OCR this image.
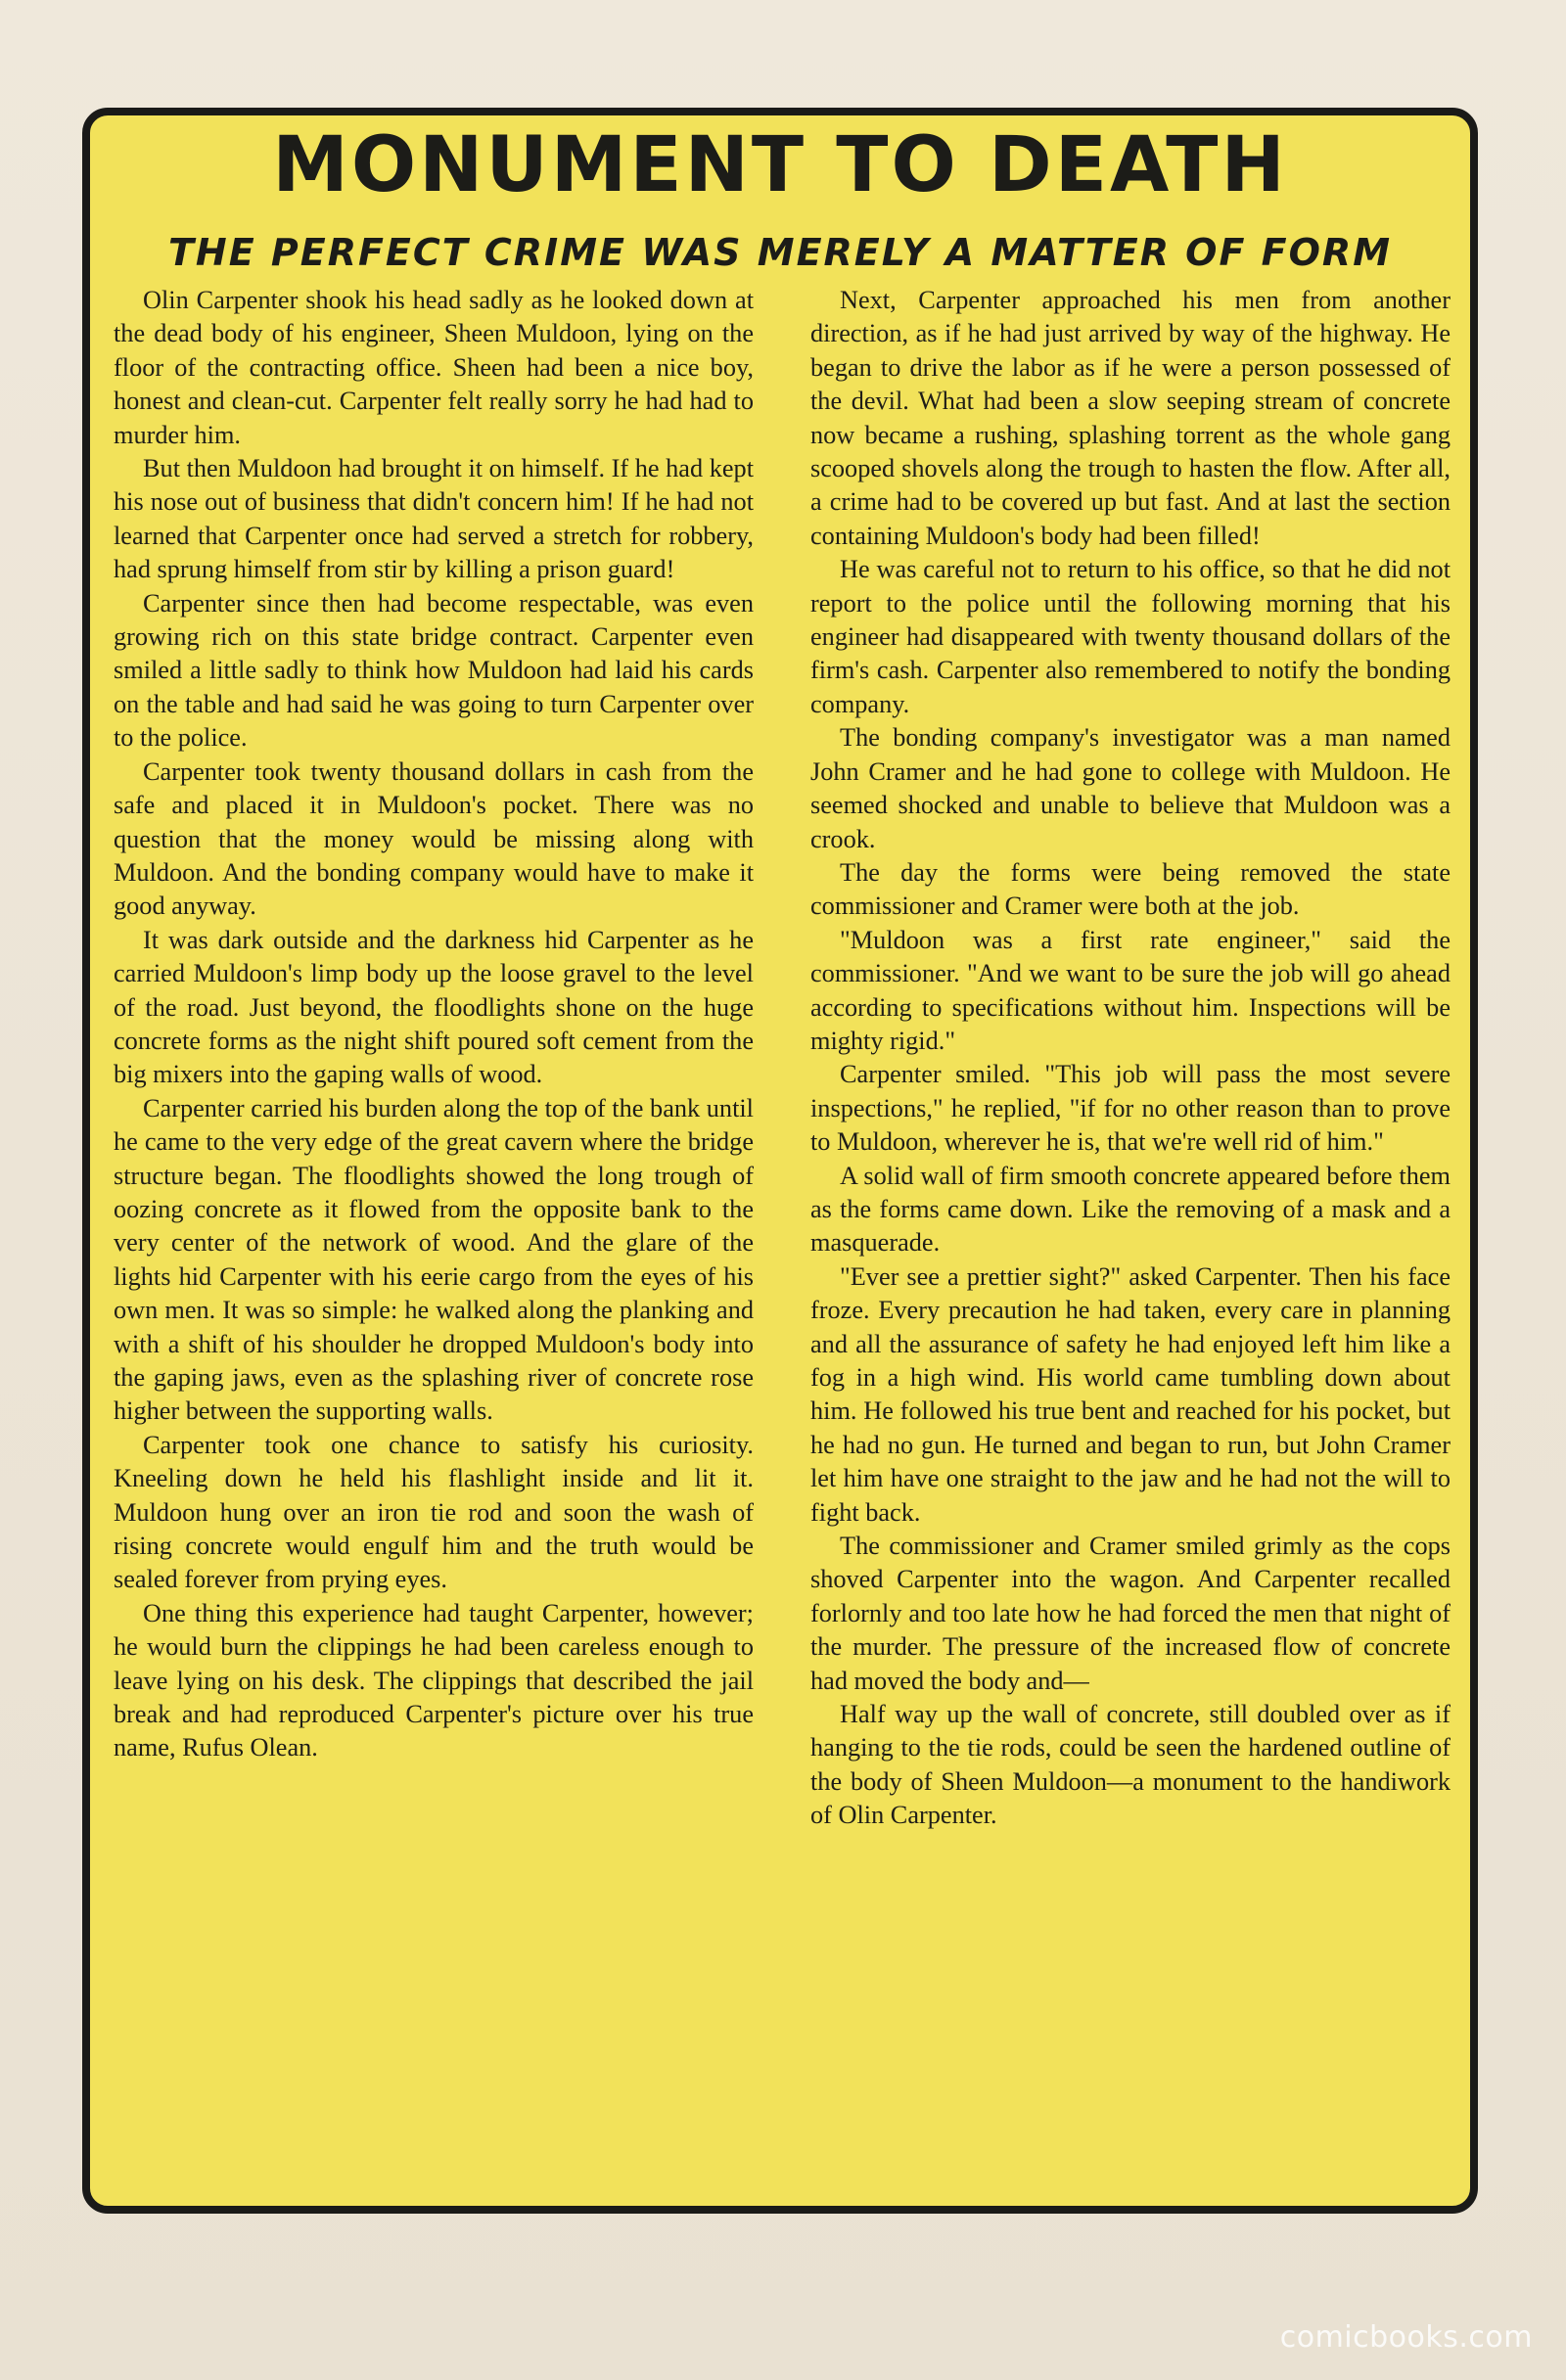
MONUMENT TO DEATH
THE PERFECT CRIME WAS MERELY A MATTER OF FORM

Olin Carpenter shook his head sadly as he looked down at the dead body of his engineer, Sheen Muldoon, lying on the floor of the contracting office. Sheen had been a nice boy, honest and clean-cut. Carpenter felt really sorry he had had to murder him.

But then Muldoon had brought it on himself. If he had kept his nose out of business that didn't concern him! If he had not learned that Carpenter once had served a stretch for robbery, had sprung himself from stir by killing a prison guard!

Carpenter since then had become respectable, was even growing rich on this state bridge contract. Carpenter even smiled a little sadly to think how Muldoon had laid his cards on the table and had said he was going to turn Carpenter over to the police.

Carpenter took twenty thousand dollars in cash from the safe and placed it in Muldoon's pocket. There was no question that the money would be missing along with Muldoon. And the bonding company would have to make it good anyway.

It was dark outside and the darkness hid Carpenter as he carried Muldoon's limp body up the loose gravel to the level of the road. Just beyond, the floodlights shone on the huge concrete forms as the night shift poured soft cement from the big mixers into the gaping walls of wood.

Carpenter carried his burden along the top of the bank until he came to the very edge of the great cavern where the bridge structure began. The floodlights showed the long trough of oozing concrete as it flowed from the opposite bank to the very center of the network of wood. And the glare of the lights hid Carpenter with his eerie cargo from the eyes of his own men. It was so simple: he walked along the planking and with a shift of his shoulder he dropped Muldoon's body into the gaping jaws, even as the splashing river of concrete rose higher between the supporting walls.

Carpenter took one chance to satisfy his curiosity. Kneeling down he held his flashlight inside and lit it. Muldoon hung over an iron tie rod and soon the wash of rising concrete would engulf him and the truth would be sealed forever from prying eyes.

One thing this experience had taught Carpenter, however; he would burn the clippings he had been careless enough to leave lying on his desk. The clippings that described the jail break and had reproduced Carpenter's picture over his true name, Rufus Olean.

Next, Carpenter approached his men from another direction, as if he had just arrived by way of the highway. He began to drive the labor as if he were a person possessed of the devil. What had been a slow seeping stream of concrete now became a rushing, splashing torrent as the whole gang scooped shovels along the trough to hasten the flow. After all, a crime had to be covered up but fast. And at last the section containing Muldoon's body had been filled!

He was careful not to return to his office, so that he did not report to the police until the following morning that his engineer had disappeared with twenty thousand dollars of the firm's cash. Carpenter also remembered to notify the bonding company.

The bonding company's investigator was a man named John Cramer and he had gone to college with Muldoon. He seemed shocked and unable to believe that Muldoon was a crook.

The day the forms were being removed the state commissioner and Cramer were both at the job.

"Muldoon was a first rate engineer," said the commissioner. "And we want to be sure the job will go ahead according to specifications without him. Inspections will be mighty rigid."

Carpenter smiled. "This job will pass the most severe inspections," he replied, "if for no other reason than to prove to Muldoon, wherever he is, that we're well rid of him."

A solid wall of firm smooth concrete appeared before them as the forms came down. Like the removing of a mask and a masquerade.

"Ever see a prettier sight?" asked Carpenter. Then his face froze. Every precaution he had taken, every care in planning and all the assurance of safety he had enjoyed left him like a fog in a high wind. His world came tumbling down about him. He followed his true bent and reached for his pocket, but he had no gun. He turned and began to run, but John Cramer let him have one straight to the jaw and he had not the will to fight back.

The commissioner and Cramer smiled grimly as the cops shoved Carpenter into the wagon. And Carpenter recalled forlornly and too late how he had forced the men that night of the murder. The pressure of the increased flow of concrete had moved the body and—

Half way up the wall of concrete, still doubled over as if hanging to the tie rods, could be seen the hardened outline of the body of Sheen Muldoon—a monument to the handiwork of Olin Carpenter.

comicbooks.com
